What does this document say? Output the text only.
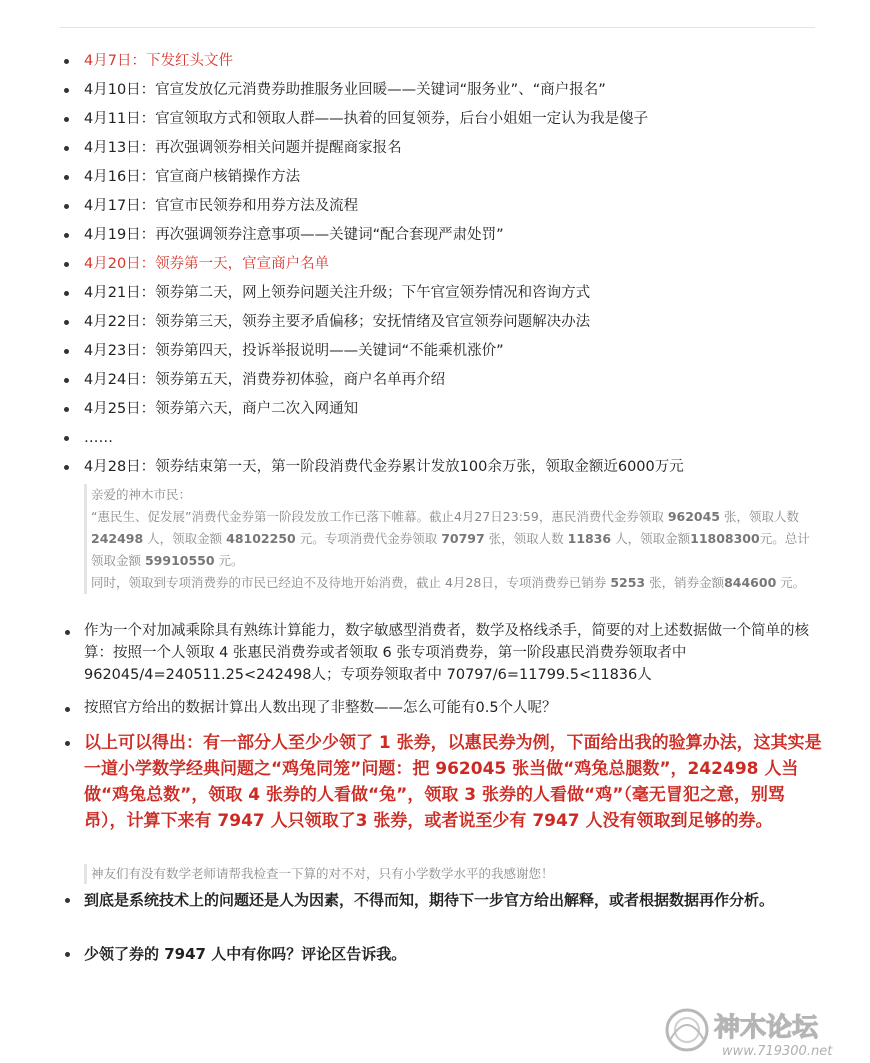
4月7日：下发红头文件
4月10日：官宣发放亿元消费券助推服务业回暖——关键词“服务业”、“商户报名”
4月11日：官宣领取方式和领取人群——执着的回复领券，后台小姐姐一定认为我是傻子
4月13日：再次强调领券相关问题并提醒商家报名
4月16日：官宣商户核销操作方法
4月17日：官宣市民领券和用券方法及流程
4月19日：再次强调领券注意事项——关键词“配合套现严肃处罚”
4月20日：领券第一天，官宣商户名单
4月21日：领券第二天，网上领券问题关注升级；下午官宣领券情况和咨询方式
4月22日：领券第三天，领券主要矛盾偏移；安抚情绪及官宣领券问题解决办法
4月23日：领券第四天，投诉举报说明——关键词“不能乘机涨价”
4月24日：领券第五天，消费券初体验，商户名单再介绍
4月25日：领券第六天，商户二次入网通知
……
4月28日：领券结束第一天，第一阶段消费代金券累计发放100余万张，领取金额近6000万元

亲爱的神木市民：

“惠民生、促发展”消费代金券第一阶段发放工作已落下帷幕。截止4月27日23:59，惠民消费代金券领取 962045 张，领取人数 242498 人，领取金额 48102250 元。专项消费代金券领取 70797 张，领取人数 11836 人，领取金额11808300元。总计领取金额 59910550 元。

同时，领取到专项消费券的市民已经迫不及待地开始消费，截止 4月28日，专项消费券已销券 5253 张，销券金额844600 元。

作为一个对加减乘除具有熟练计算能力，数字敏感型消费者，数学及格线杀手，简要的对上述数据做一个简单的核算：按照一个人领取 4 张惠民消费券或者领取 6 张专项消费券，第一阶段惠民消费券领取者中 962045/4=240511.25<242498人；专项券领取者中 70797/6=11799.5<11836人
按照官方给出的数据计算出人数出现了非整数——怎么可能有0.5个人呢？
以上可以得出：有一部分人至少少领了 1 张券，以惠民券为例，下面给出我的验算办法，这其实是一道小学数学经典问题之“鸡兔同笼”问题：把 962045 张当做“鸡兔总腿数”，242498 人当做“鸡兔总数”，领取 4 张券的人看做“兔”，领取 3 张券的人看做“鸡”（毫无冒犯之意，别骂昂），计算下来有 7947 人只领取了3 张券，或者说至少有 7947 人没有领取到足够的券。
神友们有没有数学老师请帮我检查一下算的对不对，只有小学数学水平的我感谢您！
到底是系统技术上的问题还是人为因素，不得而知，期待下一步官方给出解释，或者根据数据再作分析。
少领了券的 7947 人中有你吗？评论区告诉我。
神木论坛
www.719300.net
